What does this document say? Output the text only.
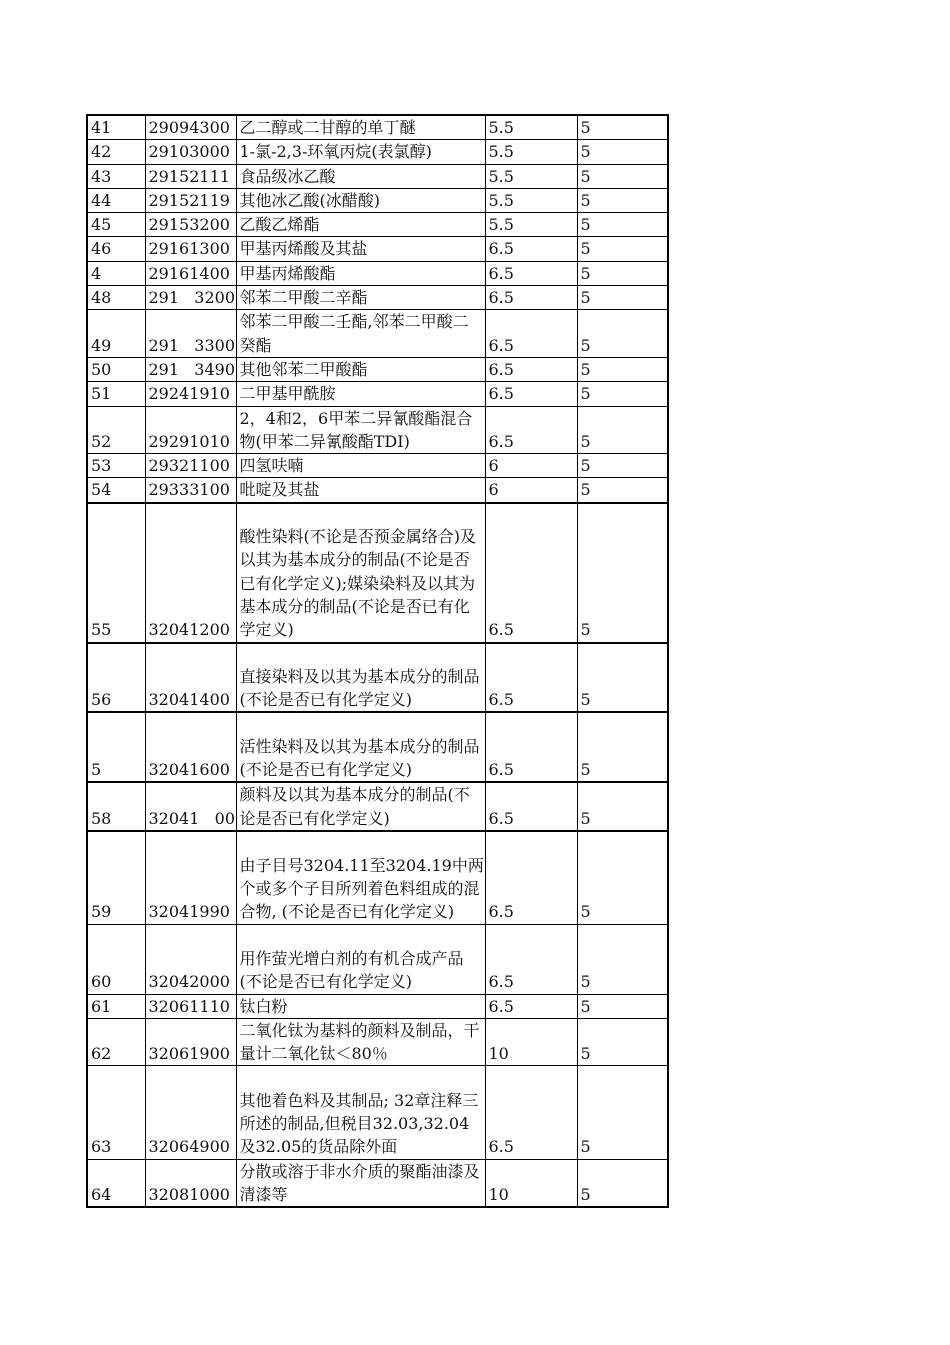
41	29094300	乙二醇或二甘醇的单丁醚	5.5	5
42	29103000	1-氯-2,3-环氧丙烷(表氯醇)	5.5	5
43	29152111	食品级冰乙酸	5.5	5
44	29152119	其他冰乙酸(冰醋酸)	5.5	5
45	29153200	乙酸乙烯酯	5.5	5
46	29161300	甲基丙烯酸及其盐	6.5	5
4	29161400	甲基丙烯酸酯	6.5	5
48	291   3200	邻苯二甲酸二辛酯	6.5	5
49	291   3300	邻苯二甲酸二壬酯,邻苯二甲酸二癸酯	6.5	5
50	291   3490	其他邻苯二甲酸酯	6.5	5
51	29241910	二甲基甲酰胺	6.5	5
52	29291010	2，4和2，6甲苯二异氰酸酯混合物(甲苯二异氰酸酯TDI)	6.5	5
53	29321100	四氢呋喃	6	5
54	29333100	吡啶及其盐	6	5
55	32041200	酸性染料(不论是否预金属络合)及以其为基本成分的制品(不论是否已有化学定义);媒染染料及以其为基本成分的制品(不论是否已有化学定义)	6.5	5
56	32041400	直接染料及以其为基本成分的制品(不论是否已有化学定义)	6.5	5
5	32041600	活性染料及以其为基本成分的制品(不论是否已有化学定义)	6.5	5
58	32041   00	颜料及以其为基本成分的制品(不论是否已有化学定义)	6.5	5
59	32041990	由子目号3204.11至3204.19中两个或多个子目所列着色料组成的混合物, (不论是否已有化学定义)	6.5	5
60	32042000	用作萤光增白剂的有机合成产品(不论是否已有化学定义)	6.5	5
61	32061110	钛白粉	6.5	5
62	32061900	二氧化钛为基料的颜料及制品，干量计二氧化钛＜80％	10	5
63	32064900	其他着色料及其制品; 32章注释三所述的制品,但税目32.03,32.04及32.05的货品除外面	6.5	5
64	32081000	分散或溶于非水介质的聚酯油漆及清漆等	10	5
